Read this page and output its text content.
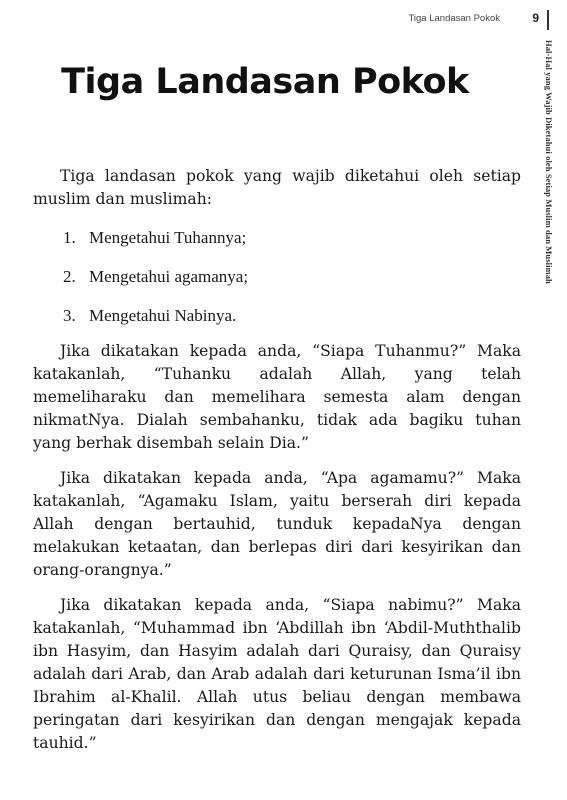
Tiga Landasan Pokok	9
Hal-Hal yang Wajib Diketahui oleh Setiap Muslim dan Muslimah
Tiga Landasan Pokok

Tiga landasan pokok yang wajib diketahui oleh setiap muslim dan muslimah:

1. Mengetahui Tuhannya;
2. Mengetahui agamanya;
3. Mengetahui Nabinya.

Jika dikatakan kepada anda, “Siapa Tuhanmu?” Maka katakanlah, “Tuhanku adalah Allah, yang telah memeliharaku dan memelihara semesta alam dengan nikmatNya. Dialah sembahanku, tidak ada bagiku tuhan yang berhak disembah selain Dia.”

Jika dikatakan kepada anda, “Apa agamamu?” Maka katakanlah, “Agamaku Islam, yaitu berserah diri kepada Allah dengan bertauhid, tunduk kepadaNya dengan melakukan ketaatan, dan berlepas diri dari kesyirikan dan orang-orangnya.”

Jika dikatakan kepada anda, “Siapa nabimu?” Maka katakanlah, “Muhammad ibn ‘Abdillah ibn ‘Abdil-Muththalib ibn Hasyim, dan Hasyim adalah dari Quraisy, dan Quraisy adalah dari Arab, dan Arab adalah dari keturunan Isma’il ibn Ibrahim al-Khalil. Allah utus beliau dengan membawa peringatan dari kesyirikan dan dengan mengajak kepada tauhid.”
